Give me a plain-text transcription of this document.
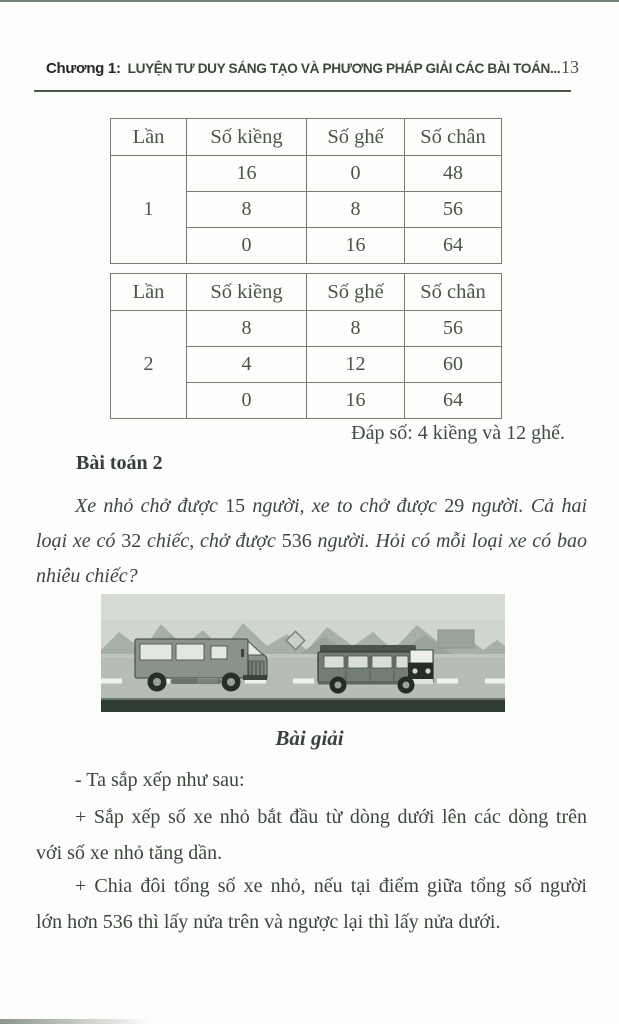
Chương 1: LUYỆN TƯ DUY SÁNG TẠO VÀ PHƯƠNG PHÁP GIẢI CÁC BÀI TOÁN... 13
Lần	Số kiềng	Số ghế	Số chân
1	16	0	48
	8	8	56
	0	16	64
Lần	Số kiềng	Số ghế	Số chân
2	8	8	56
	4	12	60
	0	16	64
Đáp số: 4 kiềng và 12 ghế.
Bài toán 2
Xe nhỏ chở được 15 người, xe to chở được 29 người. Cả hai
loại xe có 32 chiếc, chở được 536 người. Hỏi có mỗi loại xe có bao
nhiêu chiếc?
Bài giải
- Ta sắp xếp như sau:
+ Sắp xếp số xe nhỏ bắt đầu từ dòng dưới lên các dòng trên
với số xe nhỏ tăng dần.
+ Chia đôi tổng số xe nhỏ, nếu tại điểm giữa tổng số người
lớn hơn 536 thì lấy nửa trên và ngược lại thì lấy nửa dưới.
